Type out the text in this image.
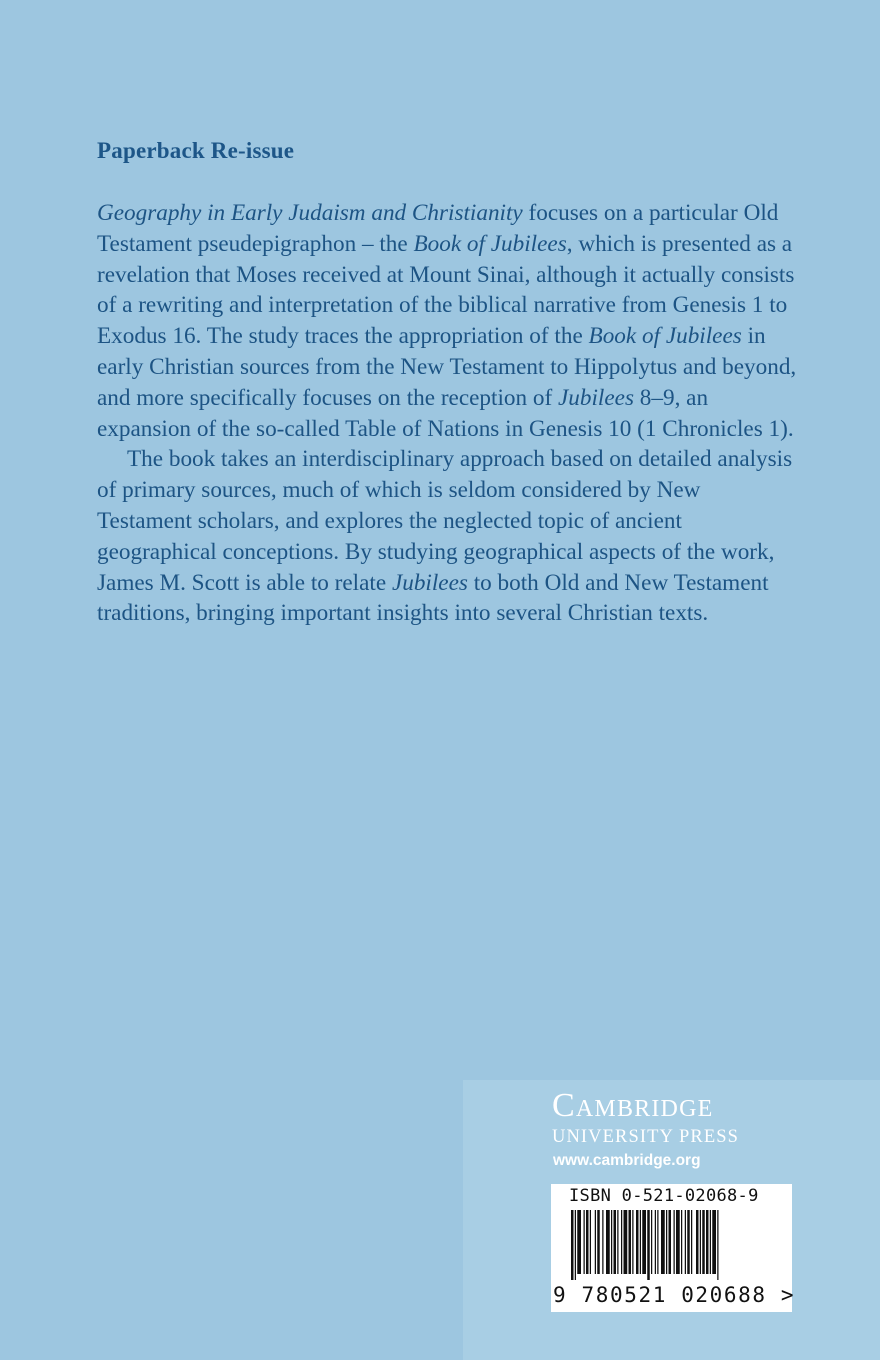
Paperback Re-issue

Geography in Early Judaism and Christianity focuses on a particular Old Testament pseudepigraphon – the Book of Jubilees, which is presented as a revelation that Moses received at Mount Sinai, although it actually consists of a rewriting and interpretation of the biblical narrative from Genesis 1 to Exodus 16. The study traces the appropriation of the Book of Jubilees in early Christian sources from the New Testament to Hippolytus and beyond, and more specifically focuses on the reception of Jubilees 8–9, an expansion of the so-called Table of Nations in Genesis 10 (1 Chronicles 1).

The book takes an interdisciplinary approach based on detailed analysis of primary sources, much of which is seldom considered by New Testament scholars, and explores the neglected topic of ancient geographical conceptions. By studying geographical aspects of the work, James M. Scott is able to relate Jubilees to both Old and New Testament traditions, bringing important insights into several Christian texts.

Cambridge
UNIVERSITY PRESS
www.cambridge.org
ISBN 0-521-02068-9
9 780521 020688 >
